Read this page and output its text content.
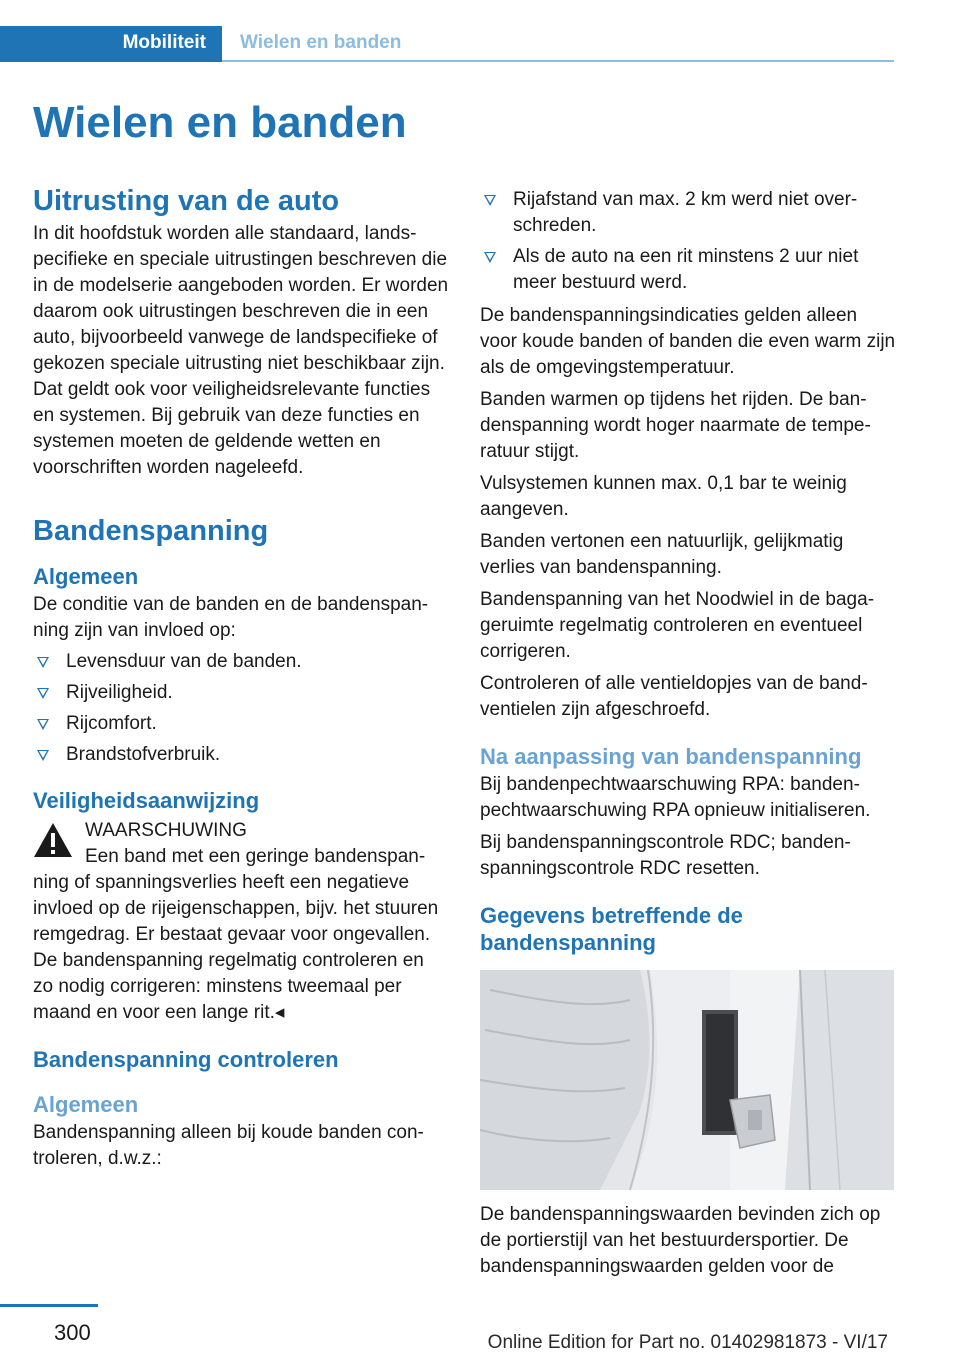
Mobiliteit Wielen en banden
Wielen en banden
Uitrusting van de auto

In dit hoofdstuk worden alle standaard, landspecifieke en speciale uitrustingen beschreven die in de modelserie aangeboden worden. Er worden daarom ook uitrustingen beschreven die in een auto, bijvoorbeeld vanwege de landspecifieke of gekozen speciale uitrusting niet beschikbaar zijn. Dat geldt ook voor veiligheidsrelevante functies en systemen. Bij gebruik van deze functies en systemen moeten de geldende wetten en voorschriften worden nageleefd.

Bandenspanning
Algemeen

De conditie van de banden en de bandenspanning zijn van invloed op:

Levensduur van de banden.
Rijveiligheid.
Rijcomfort.
Brandstofverbruik.
Veiligheidsaanwijzing
WAARSCHUWING
Een band met een geringe bandenspan-
ning of spanningsverlies heeft een negatieve invloed op de rijeigenschappen, bijv. het stuuren remgedrag. Er bestaat gevaar voor ongevallen. De bandenspanning regelmatig controleren en zo nodig corrigeren: minstens tweemaal per maand en voor een lange rit.◂
Bandenspanning controleren
Algemeen

Bandenspanning alleen bij koude banden controleren, d.w.z.:

Rijafstand van max. 2 km werd niet overschreden.
Als de auto na een rit minstens 2 uur niet meer bestuurd werd.

De bandenspanningsindicaties gelden alleen voor koude banden of banden die even warm zijn als de omgevingstemperatuur.

Banden warmen op tijdens het rijden. De bandenspanning wordt hoger naarmate de temperatuur stijgt.

Vulsystemen kunnen max. 0,1 bar te weinig aangeven.

Banden vertonen een natuurlijk, gelijkmatig verlies van bandenspanning.

Bandenspanning van het Noodwiel in de bagageruimte regelmatig controleren en eventueel corrigeren.

Controleren of alle ventieldopjes van de bandventielen zijn afgeschroefd.

Na aanpassing van bandenspanning

Bij bandenpechtwaarschuwing RPA: bandenpechtwaarschuwing RPA opnieuw initialiseren.

Bij bandenspanningscontrole RDC; bandenspanningscontrole RDC resetten.

Gegevens betreffende de bandenspanning

De bandenspanningswaarden bevinden zich op de portierstijl van het bestuurdersportier. De bandenspanningswaarden gelden voor de

300	Online Edition for Part no. 01402981873 - VI/17
